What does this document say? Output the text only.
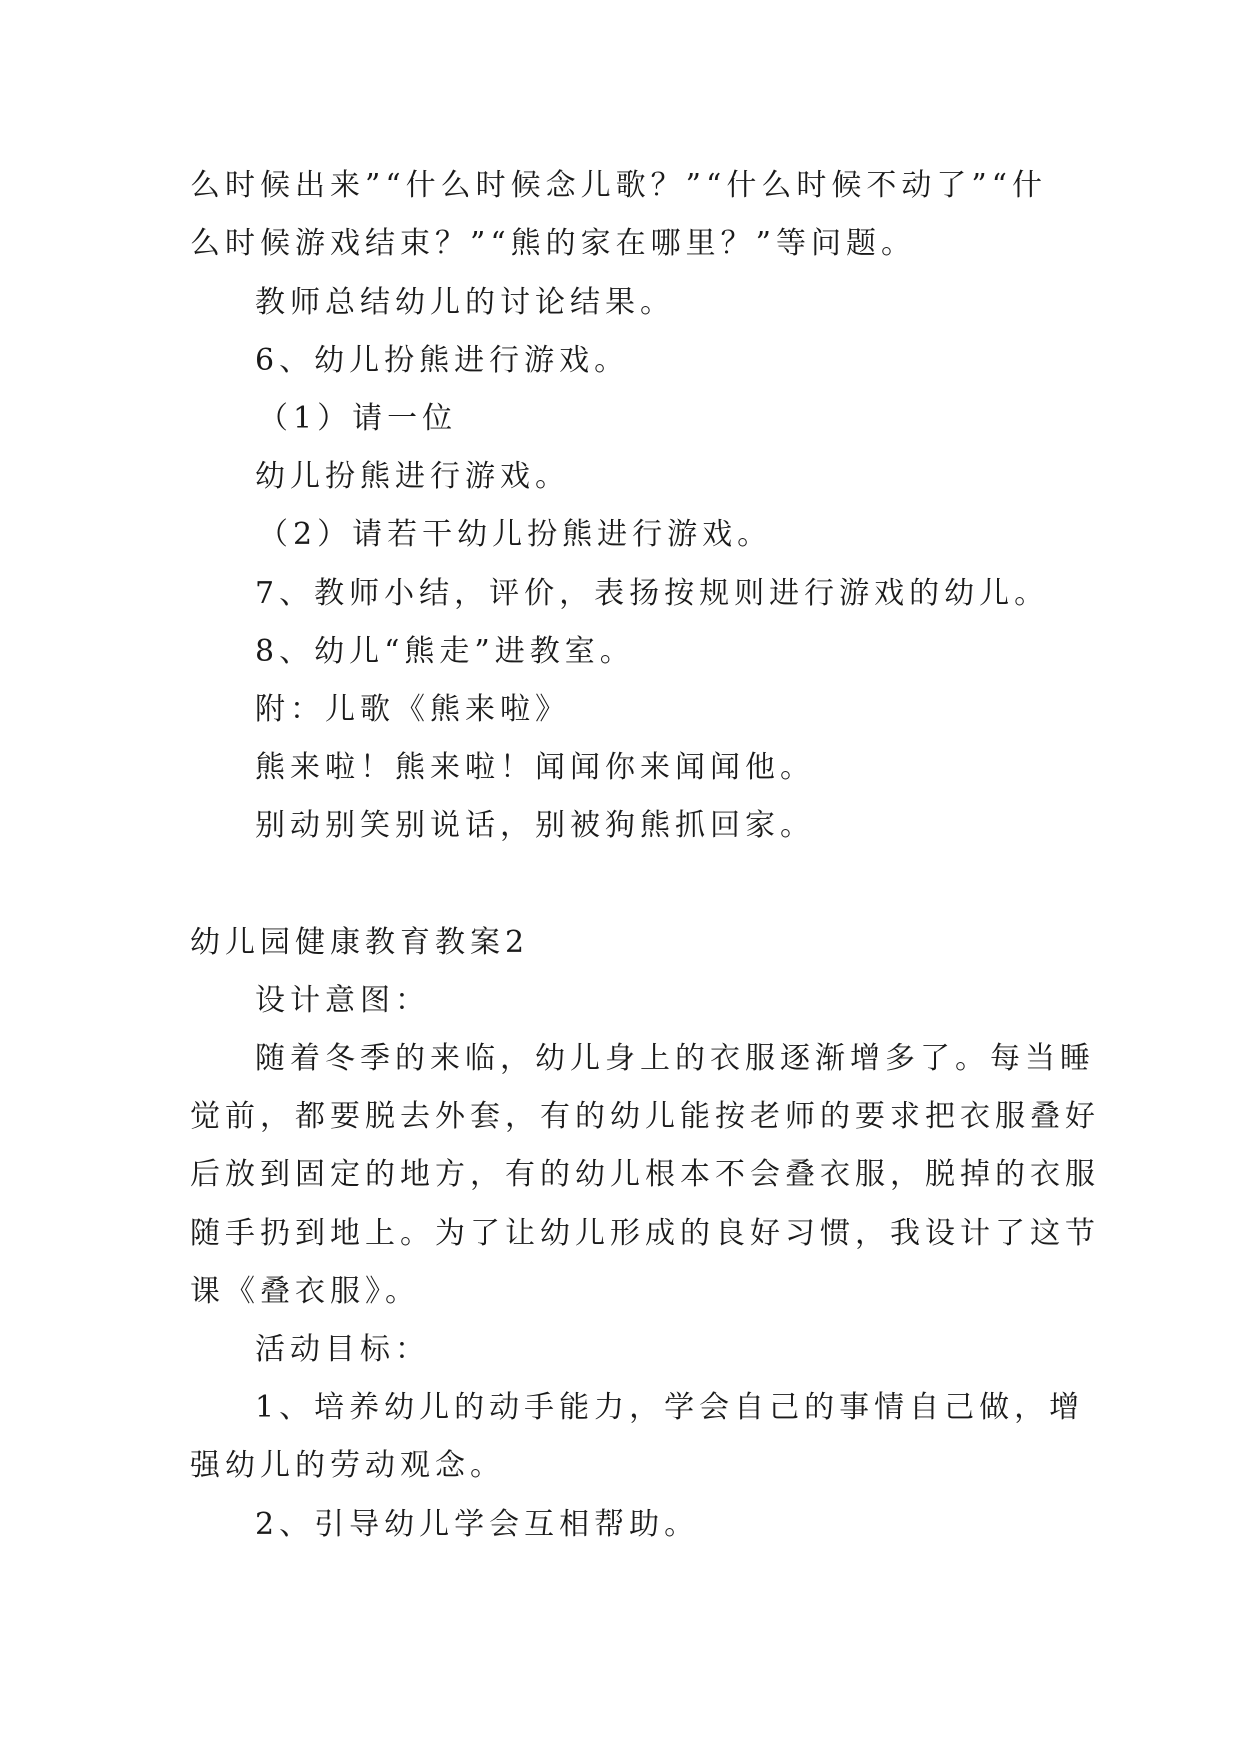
么时候出来”“什么时候念儿歌？”“什么时候不动了”“什
么时候游戏结束？”“熊的家在哪里？”等问题。
教师总结幼儿的讨论结果。
6、幼儿扮熊进行游戏。
（1）请一位
幼儿扮熊进行游戏。
（2）请若干幼儿扮熊进行游戏。
7、教师小结，评价，表扬按规则进行游戏的幼儿。
8、幼儿“熊走”进教室。
附：儿歌《熊来啦》
熊来啦！熊来啦！闻闻你来闻闻他。
别动别笑别说话，别被狗熊抓回家。
幼儿园健康教育教案2
设计意图：
随着冬季的来临，幼儿身上的衣服逐渐增多了。每当睡
觉前，都要脱去外套，有的幼儿能按老师的要求把衣服叠好
后放到固定的地方，有的幼儿根本不会叠衣服，脱掉的衣服
随手扔到地上。为了让幼儿形成的良好习惯，我设计了这节
课《叠衣服》。
活动目标：
1、培养幼儿的动手能力，学会自己的事情自己做，增
强幼儿的劳动观念。
2、引导幼儿学会互相帮助。
